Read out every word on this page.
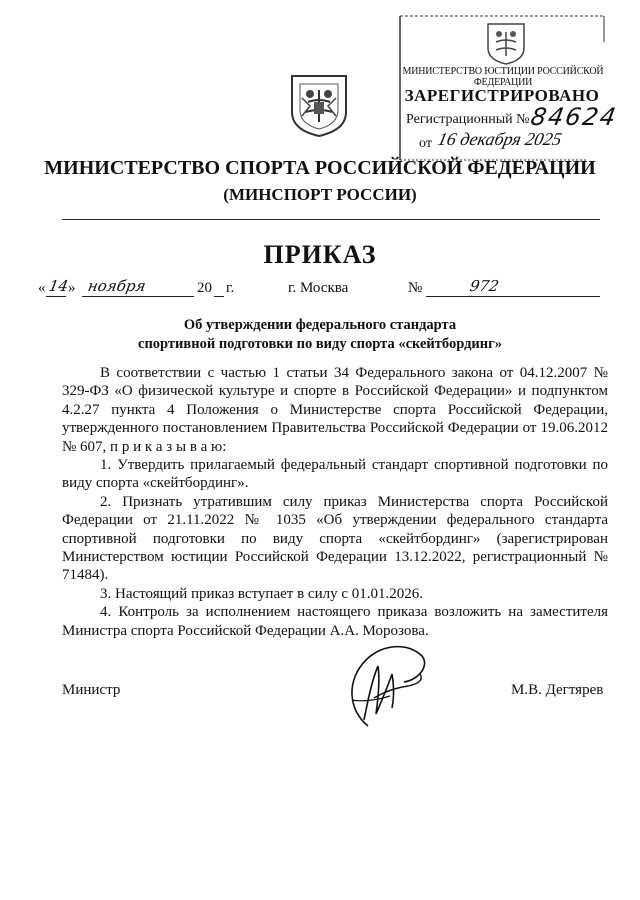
МИНИСТЕРСТВО ЮСТИЦИИ РОССИЙСКОЙ ФЕДЕРАЦИИ
ЗАРЕГИСТРИРОВАНО
Регистрационный № 84624
от 16 декабря 2025
МИНИСТЕРСТВО СПОРТА РОССИЙСКОЙ ФЕДЕРАЦИИ
(МИНСПОРТ РОССИИ)
ПРИКАЗ
« 14
» ноября	20 г.	г. Москва	№	972
Об утверждении федерального стандарта
спортивной подготовки по виду спорта «скейтбординг»

В соответствии с частью 1 статьи 34 Федерального закона от 04.12.2007 № 329-ФЗ «О физической культуре и спорте в Российской Федерации» и подпунктом 4.2.27 пункта 4 Положения о Министерстве спорта Российской Федерации, утвержденного постановлением Правительства Российской Федерации от 19.06.2012 № 607, п р и к а з ы в а ю:

1. Утвердить прилагаемый федеральный стандарт спортивной подготовки по виду спорта «скейтбординг».

2. Признать утратившим силу приказ Министерства спорта Российской Федерации от 21.11.2022 № 1035 «Об утверждении федерального стандарта спортивной подготовки по виду спорта «скейтбординг» (зарегистрирован Министерством юстиции Российской Федерации 13.12.2022, регистрационный № 71484).

3. Настоящий приказ вступает в силу с 01.01.2026.

4. Контроль за исполнением настоящего приказа возложить на заместителя Министра спорта Российской Федерации А.А. Морозова.

Министр	М.В. Дегтярев
